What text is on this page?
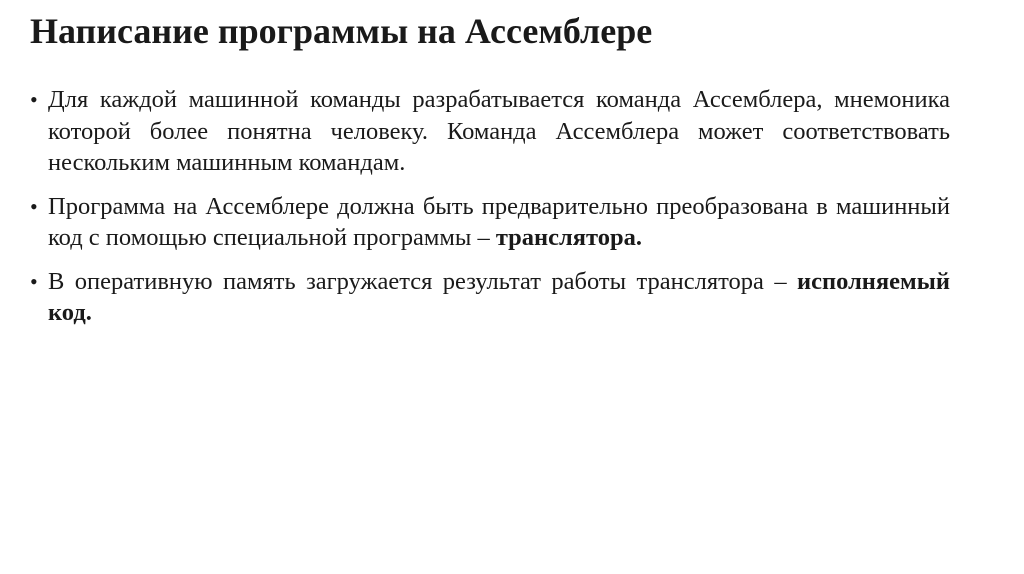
Написание программы на Ассемблере
• Для каждой машинной команды разрабатывается команда Ассемблера, мнемоника которой более понятна человеку. Команда Ассемблера может соответствовать нескольким машинным командам.
• Программа на Ассемблере должна быть предварительно преобразована в машинный код с помощью специальной программы – транслятора.
• В оперативную память загружается результат работы транслятора – исполняемый код.
